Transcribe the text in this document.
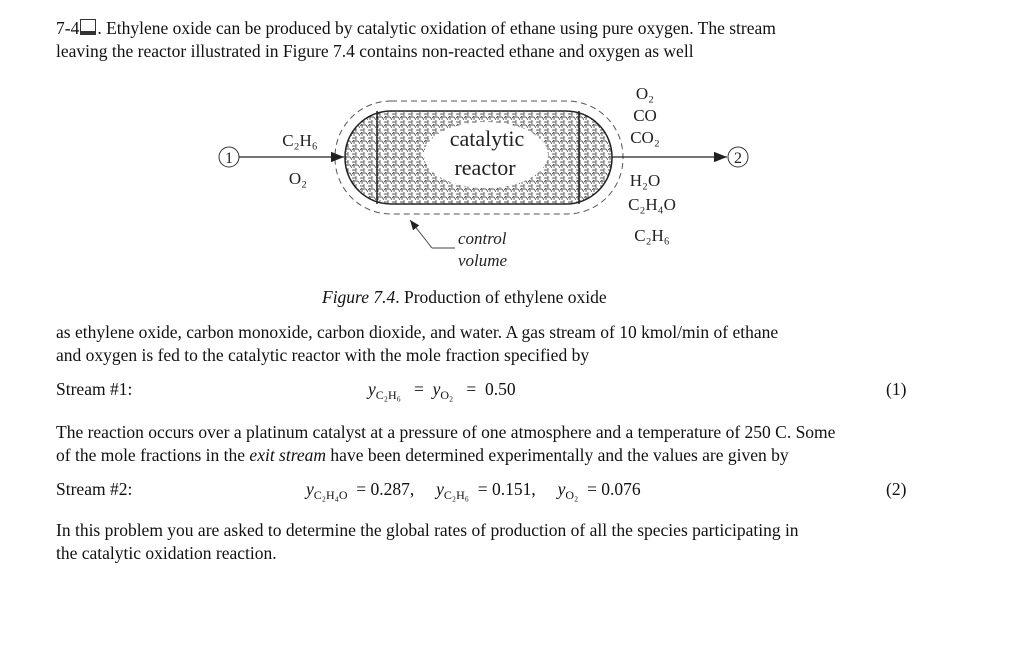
7-4 . Ethylene oxide can be produced by catalytic oxidation of ethane using pure oxygen. The stream
leaving the reactor illustrated in Figure 7.4 contains non-reacted ethane and oxygen as well
1	2
C₂H₆
O₂
O₂
CO
CO₂
H₂O
C₂H₄O
C₂H₆
catalytic
reactor
control
volume
Figure 7.4. Production of ethylene oxide
as ethylene oxide, carbon monoxide, carbon dioxide, and water. A gas stream of 10 kmol/min of ethane
and oxygen is fed to the catalytic reactor with the mole fraction specified by
Stream #1:	$y_{C_2H_6} = y_{O_2} = 0.50$	(1)
The reaction occurs over a platinum catalyst at a pressure of one atmosphere and a temperature of 250 C. Some
of the mole fractions in the exit stream have been determined experimentally and the values are given by
Stream #2:	$y_{C_2H_4O} = 0.287$,     $y_{C_2H_6} = 0.151$,     $y_{O_2} = 0.076$	(2)
In this problem you are asked to determine the global rates of production of all the species participating in
the catalytic oxidation reaction.
